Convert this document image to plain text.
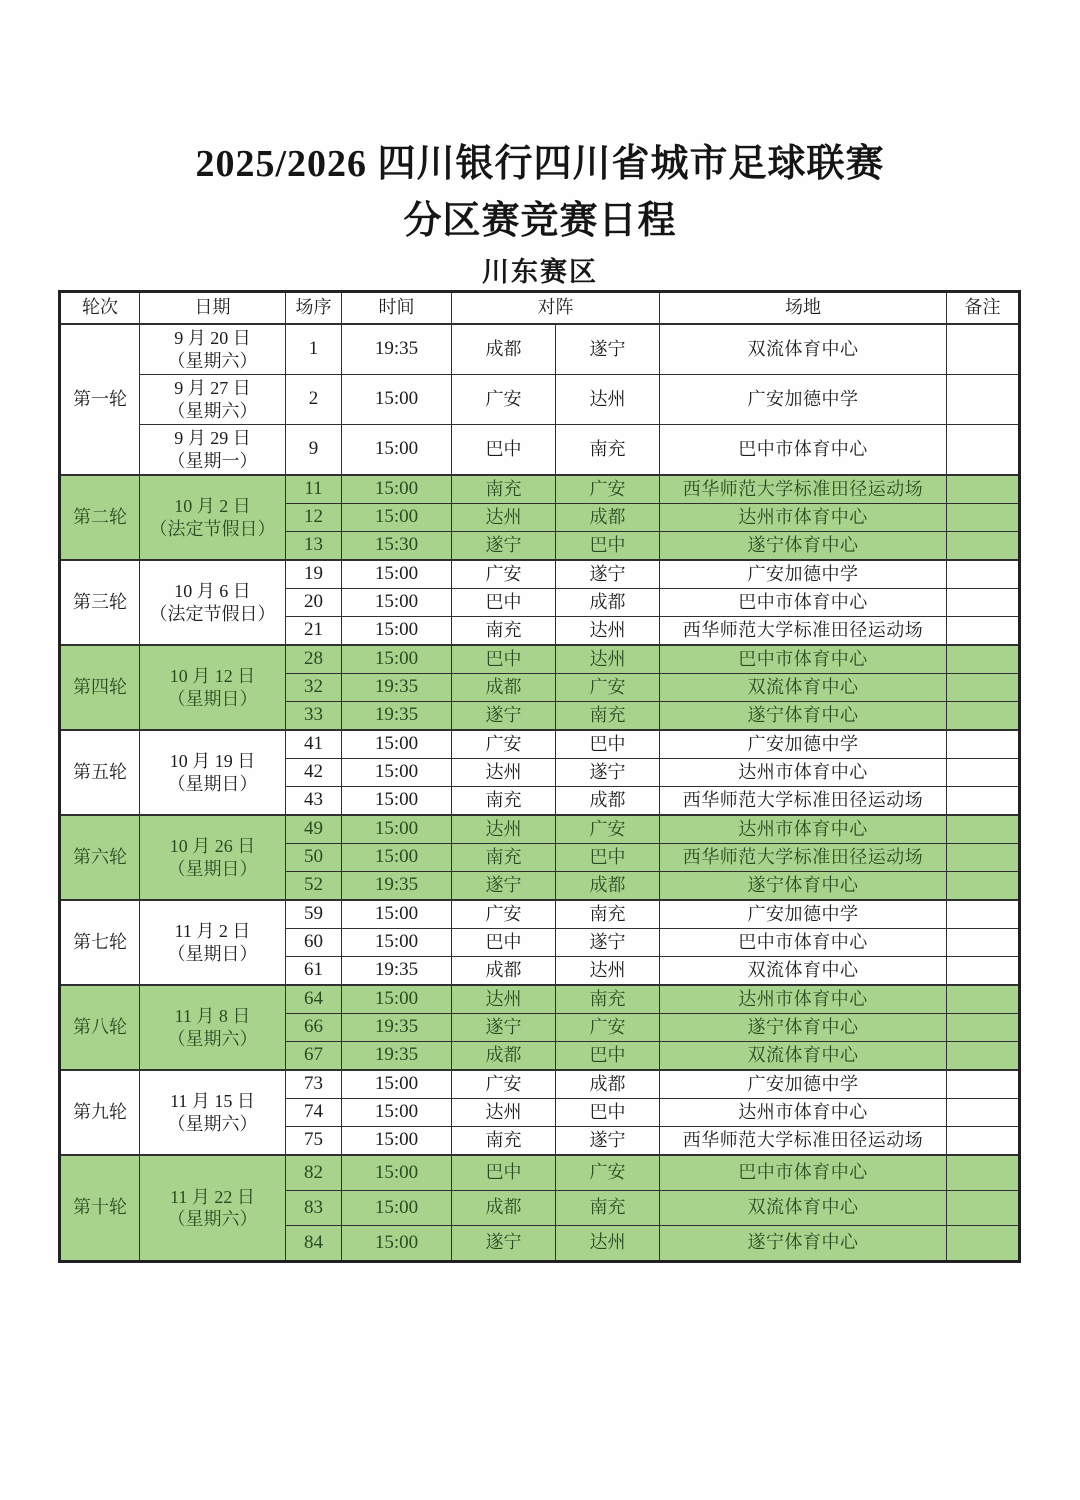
2025/2026 四川银行四川省城市足球联赛
分区赛竞赛日程
川东赛区
轮次	日期	场序	时间	对阵		场地	备注
第一轮	9 月 20 日
（星期六）	1	19:35	成都	遂宁	双流体育中心	

	9 月 27 日
（星期六）	2	15:00	广安	达州	广安加德中学	

	9 月 29 日
（星期一）	9	15:00	巴中	南充	巴中市体育中心	
第二轮	10 月 2 日
（法定节假日）	11	15:00	南充	广安	西华师范大学标准田径运动场	
		12	15:00	达州	成都	达州市体育中心	
		13	15:30	遂宁	巴中	遂宁体育中心	
第三轮	10 月 6 日
（法定节假日）	19	15:00	广安	遂宁	广安加德中学	
		20	15:00	巴中	成都	巴中市体育中心	
		21	15:00	南充	达州	西华师范大学标准田径运动场	
第四轮	10 月 12 日
（星期日）	28	15:00	巴中	达州	巴中市体育中心	
		32	19:35	成都	广安	双流体育中心	
		33	19:35	遂宁	南充	遂宁体育中心	
第五轮	10 月 19 日
（星期日）	41	15:00	广安	巴中	广安加德中学	
		42	15:00	达州	遂宁	达州市体育中心	
		43	15:00	南充	成都	西华师范大学标准田径运动场	
第六轮	10 月 26 日
（星期日）	49	15:00	达州	广安	达州市体育中心	
		50	15:00	南充	巴中	西华师范大学标准田径运动场	
		52	19:35	遂宁	成都	遂宁体育中心	
第七轮	11 月 2 日
（星期日）	59	15:00	广安	南充	广安加德中学	
		60	15:00	巴中	遂宁	巴中市体育中心	
		61	19:35	成都	达州	双流体育中心	
第八轮	11 月 8 日
（星期六）	64	15:00	达州	南充	达州市体育中心	
		66	19:35	遂宁	广安	遂宁体育中心	
		67	19:35	成都	巴中	双流体育中心	
第九轮	11 月 15 日
（星期六）	73	15:00	广安	成都	广安加德中学	
		74	15:00	达州	巴中	达州市体育中心	
		75	15:00	南充	遂宁	西华师范大学标准田径运动场	
第十轮	11 月 22 日
（星期六）	82	15:00	巴中	广安	巴中市体育中心	
		83	15:00	成都	南充	双流体育中心	
		84	15:00	遂宁	达州	遂宁体育中心	
